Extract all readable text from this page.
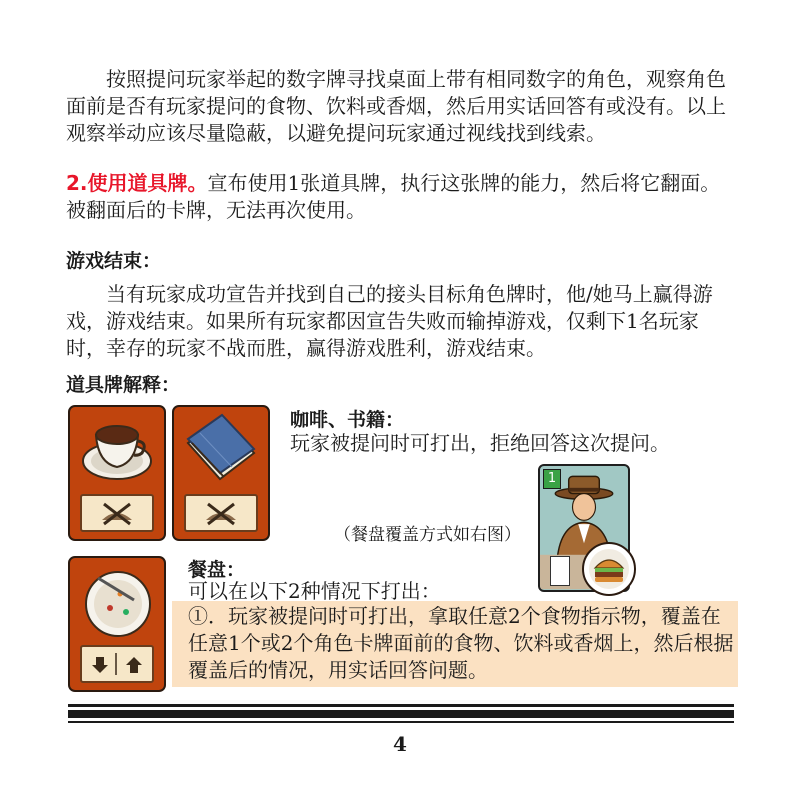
按照提问玩家举起的数字牌寻找桌面上带有相同数字的角色，观察角色面前是否有玩家提问的食物、饮料或香烟，然后用实话回答有或没有。以上观察举动应该尽量隐蔽，以避免提问玩家通过视线找到线索。
2.使用道具牌。宣布使用1张道具牌，执行这张牌的能力，然后将它翻面。被翻面后的卡牌，无法再次使用。
游戏结束：
当有玩家成功宣告并找到自己的接头目标角色牌时，他/她马上赢得游戏，游戏结束。如果所有玩家都因宣告失败而输掉游戏，仅剩下1名玩家时，幸存的玩家不战而胜，赢得游戏胜利，游戏结束。
道具牌解释：
咖啡、书籍：
玩家被提问时可打出，拒绝回答这次提问。
（餐盘覆盖方式如右图）
1
餐盘：
可以在以下2种情况下打出：
①．玩家被提问时可打出，拿取任意2个食物指示物，覆盖在任意1个或2个角色卡牌面前的食物、饮料或香烟上，然后根据覆盖后的情况，用实话回答问题。
4
